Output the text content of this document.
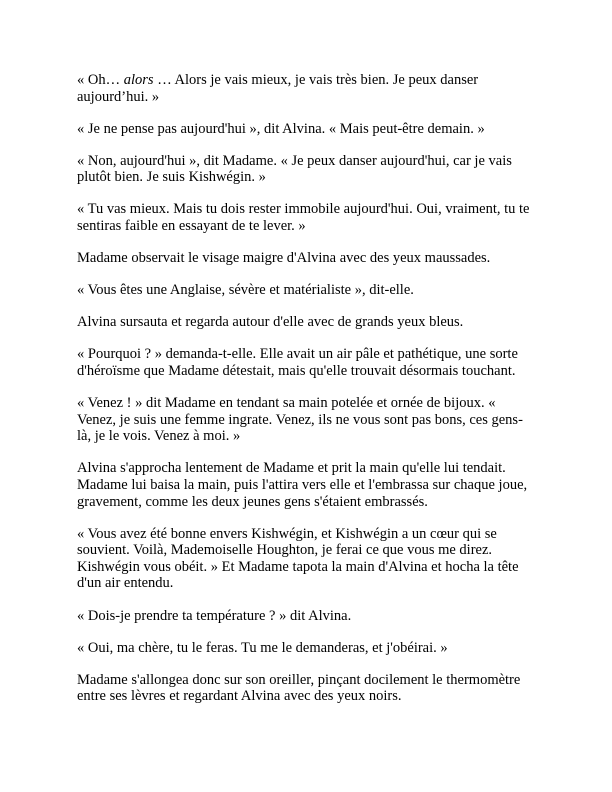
« Oh… alors … Alors je vais mieux, je vais très bien. Je peux danser aujourd’hui. »

« Je ne pense pas aujourd'hui », dit Alvina. « Mais peut-être demain. »

« Non, aujourd'hui », dit Madame. « Je peux danser aujourd'hui, car je vais plutôt bien. Je suis Kishwégin. »

« Tu vas mieux. Mais tu dois rester immobile aujourd'hui. Oui, vraiment, tu te sentiras faible en essayant de te lever. »

Madame observait le visage maigre d'Alvina avec des yeux maussades.

« Vous êtes une Anglaise, sévère et matérialiste », dit-elle.

Alvina sursauta et regarda autour d'elle avec de grands yeux bleus.

« Pourquoi ? » demanda-t-elle. Elle avait un air pâle et pathétique, une sorte d'héroïsme que Madame détestait, mais qu'elle trouvait désormais touchant.

« Venez ! » dit Madame en tendant sa main potelée et ornée de bijoux. « Venez, je suis une femme ingrate. Venez, ils ne vous sont pas bons, ces gens-là, je le vois. Venez à moi. »

Alvina s'approcha lentement de Madame et prit la main qu'elle lui tendait. Madame lui baisa la main, puis l'attira vers elle et l'embrassa sur chaque joue, gravement, comme les deux jeunes gens s'étaient embrassés.

« Vous avez été bonne envers Kishwégin, et Kishwégin a un cœur qui se souvient. Voilà, Mademoiselle Houghton, je ferai ce que vous me direz. Kishwégin vous obéit. » Et Madame tapota la main d'Alvina et hocha la tête d'un air entendu.

« Dois-je prendre ta température ? » dit Alvina.

« Oui, ma chère, tu le feras. Tu me le demanderas, et j'obéirai. »

Madame s'allongea donc sur son oreiller, pinçant docilement le thermomètre entre ses lèvres et regardant Alvina avec des yeux noirs.
